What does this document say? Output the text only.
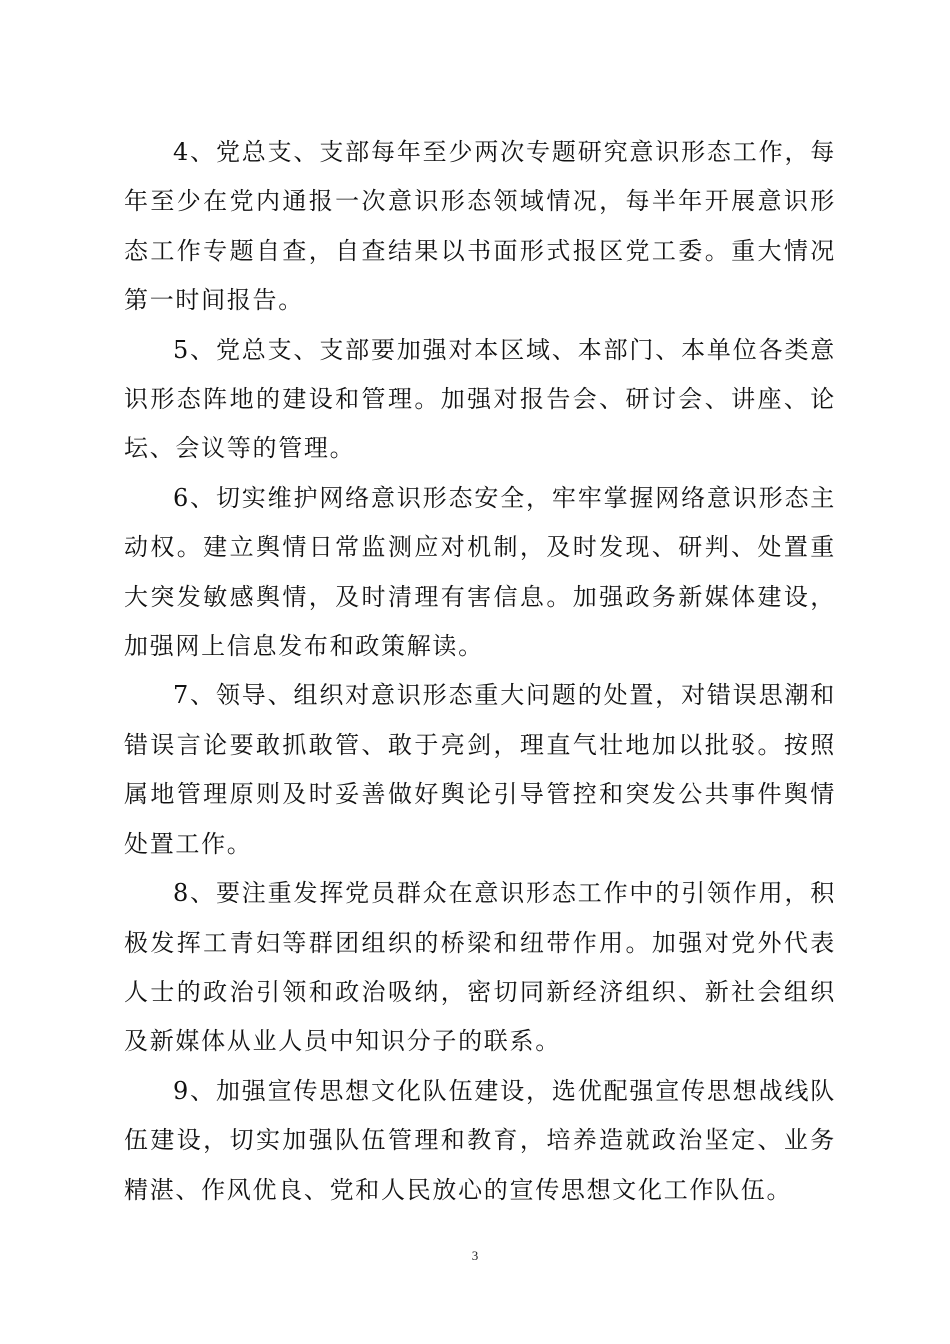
4、党总支、支部每年至少两次专题研究意识形态工作，每年至少在党内通报一次意识形态领域情况，每半年开展意识形态工作专题自查，自查结果以书面形式报区党工委。重大情况第一时间报告。

5、党总支、支部要加强对本区域、本部门、本单位各类意识形态阵地的建设和管理。加强对报告会、研讨会、讲座、论坛、会议等的管理。

6、切实维护网络意识形态安全，牢牢掌握网络意识形态主动权。建立舆情日常监测应对机制，及时发现、研判、处置重大突发敏感舆情，及时清理有害信息。加强政务新媒体建设，加强网上信息发布和政策解读。

7、领导、组织对意识形态重大问题的处置，对错误思潮和错误言论要敢抓敢管、敢于亮剑，理直气壮地加以批驳。按照属地管理原则及时妥善做好舆论引导管控和突发公共事件舆情处置工作。

8、要注重发挥党员群众在意识形态工作中的引领作用，积极发挥工青妇等群团组织的桥梁和纽带作用。加强对党外代表人士的政治引领和政治吸纳，密切同新经济组织、新社会组织及新媒体从业人员中知识分子的联系。

9、加强宣传思想文化队伍建设，选优配强宣传思想战线队伍建设，切实加强队伍管理和教育，培养造就政治坚定、业务精湛、作风优良、党和人民放心的宣传思想文化工作队伍。

3
